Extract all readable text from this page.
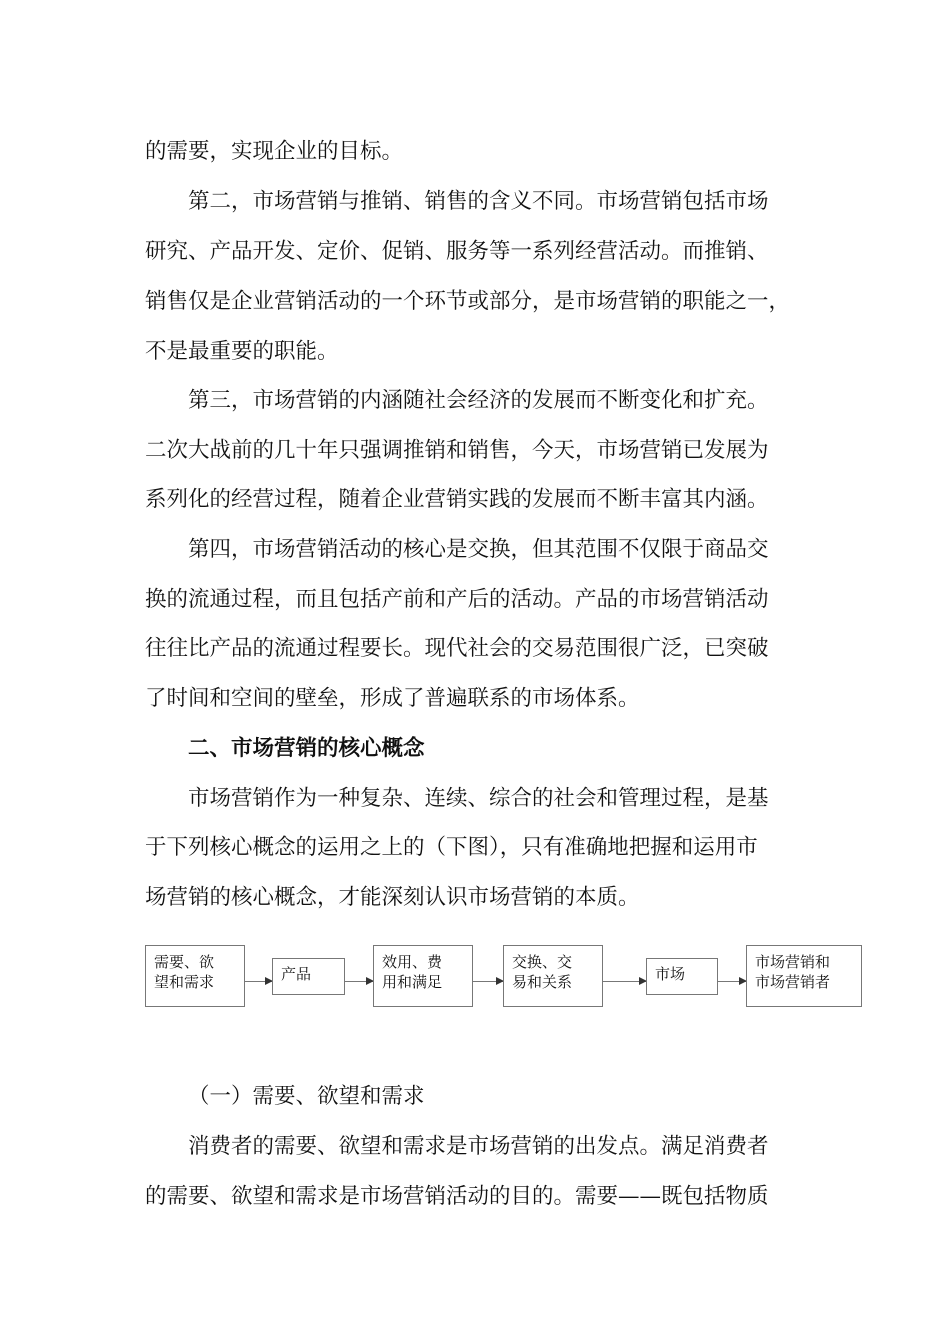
的需要，实现企业的目标。

第二，市场营销与推销、销售的含义不同。市场营销包括市场

研究、产品开发、定价、促销、服务等一系列经营活动。而推销、

销售仅是企业营销活动的一个环节或部分，是市场营销的职能之一，

不是最重要的职能。

第三，市场营销的内涵随社会经济的发展而不断变化和扩充。

二次大战前的几十年只强调推销和销售，今天，市场营销已发展为

系列化的经营过程，随着企业营销实践的发展而不断丰富其内涵。

第四，市场营销活动的核心是交换，但其范围不仅限于商品交

换的流通过程，而且包括产前和产后的活动。产品的市场营销活动

往往比产品的流通过程要长。现代社会的交易范围很广泛，已突破

了时间和空间的壁垒，形成了普遍联系的市场体系。

二、市场营销的核心概念

市场营销作为一种复杂、连续、综合的社会和管理过程，是基

于下列核心概念的运用之上的（下图），只有准确地把握和运用市

场营销的核心概念，才能深刻认识市场营销的本质。

需要、欲
望和需求	产品
效用、费
用和满足
交换、交
易和关系	市场
市场营销和
市场营销者

（一）需要、欲望和需求

消费者的需要、欲望和需求是市场营销的出发点。满足消费者

的需要、欲望和需求是市场营销活动的目的。需要——既包括物质
